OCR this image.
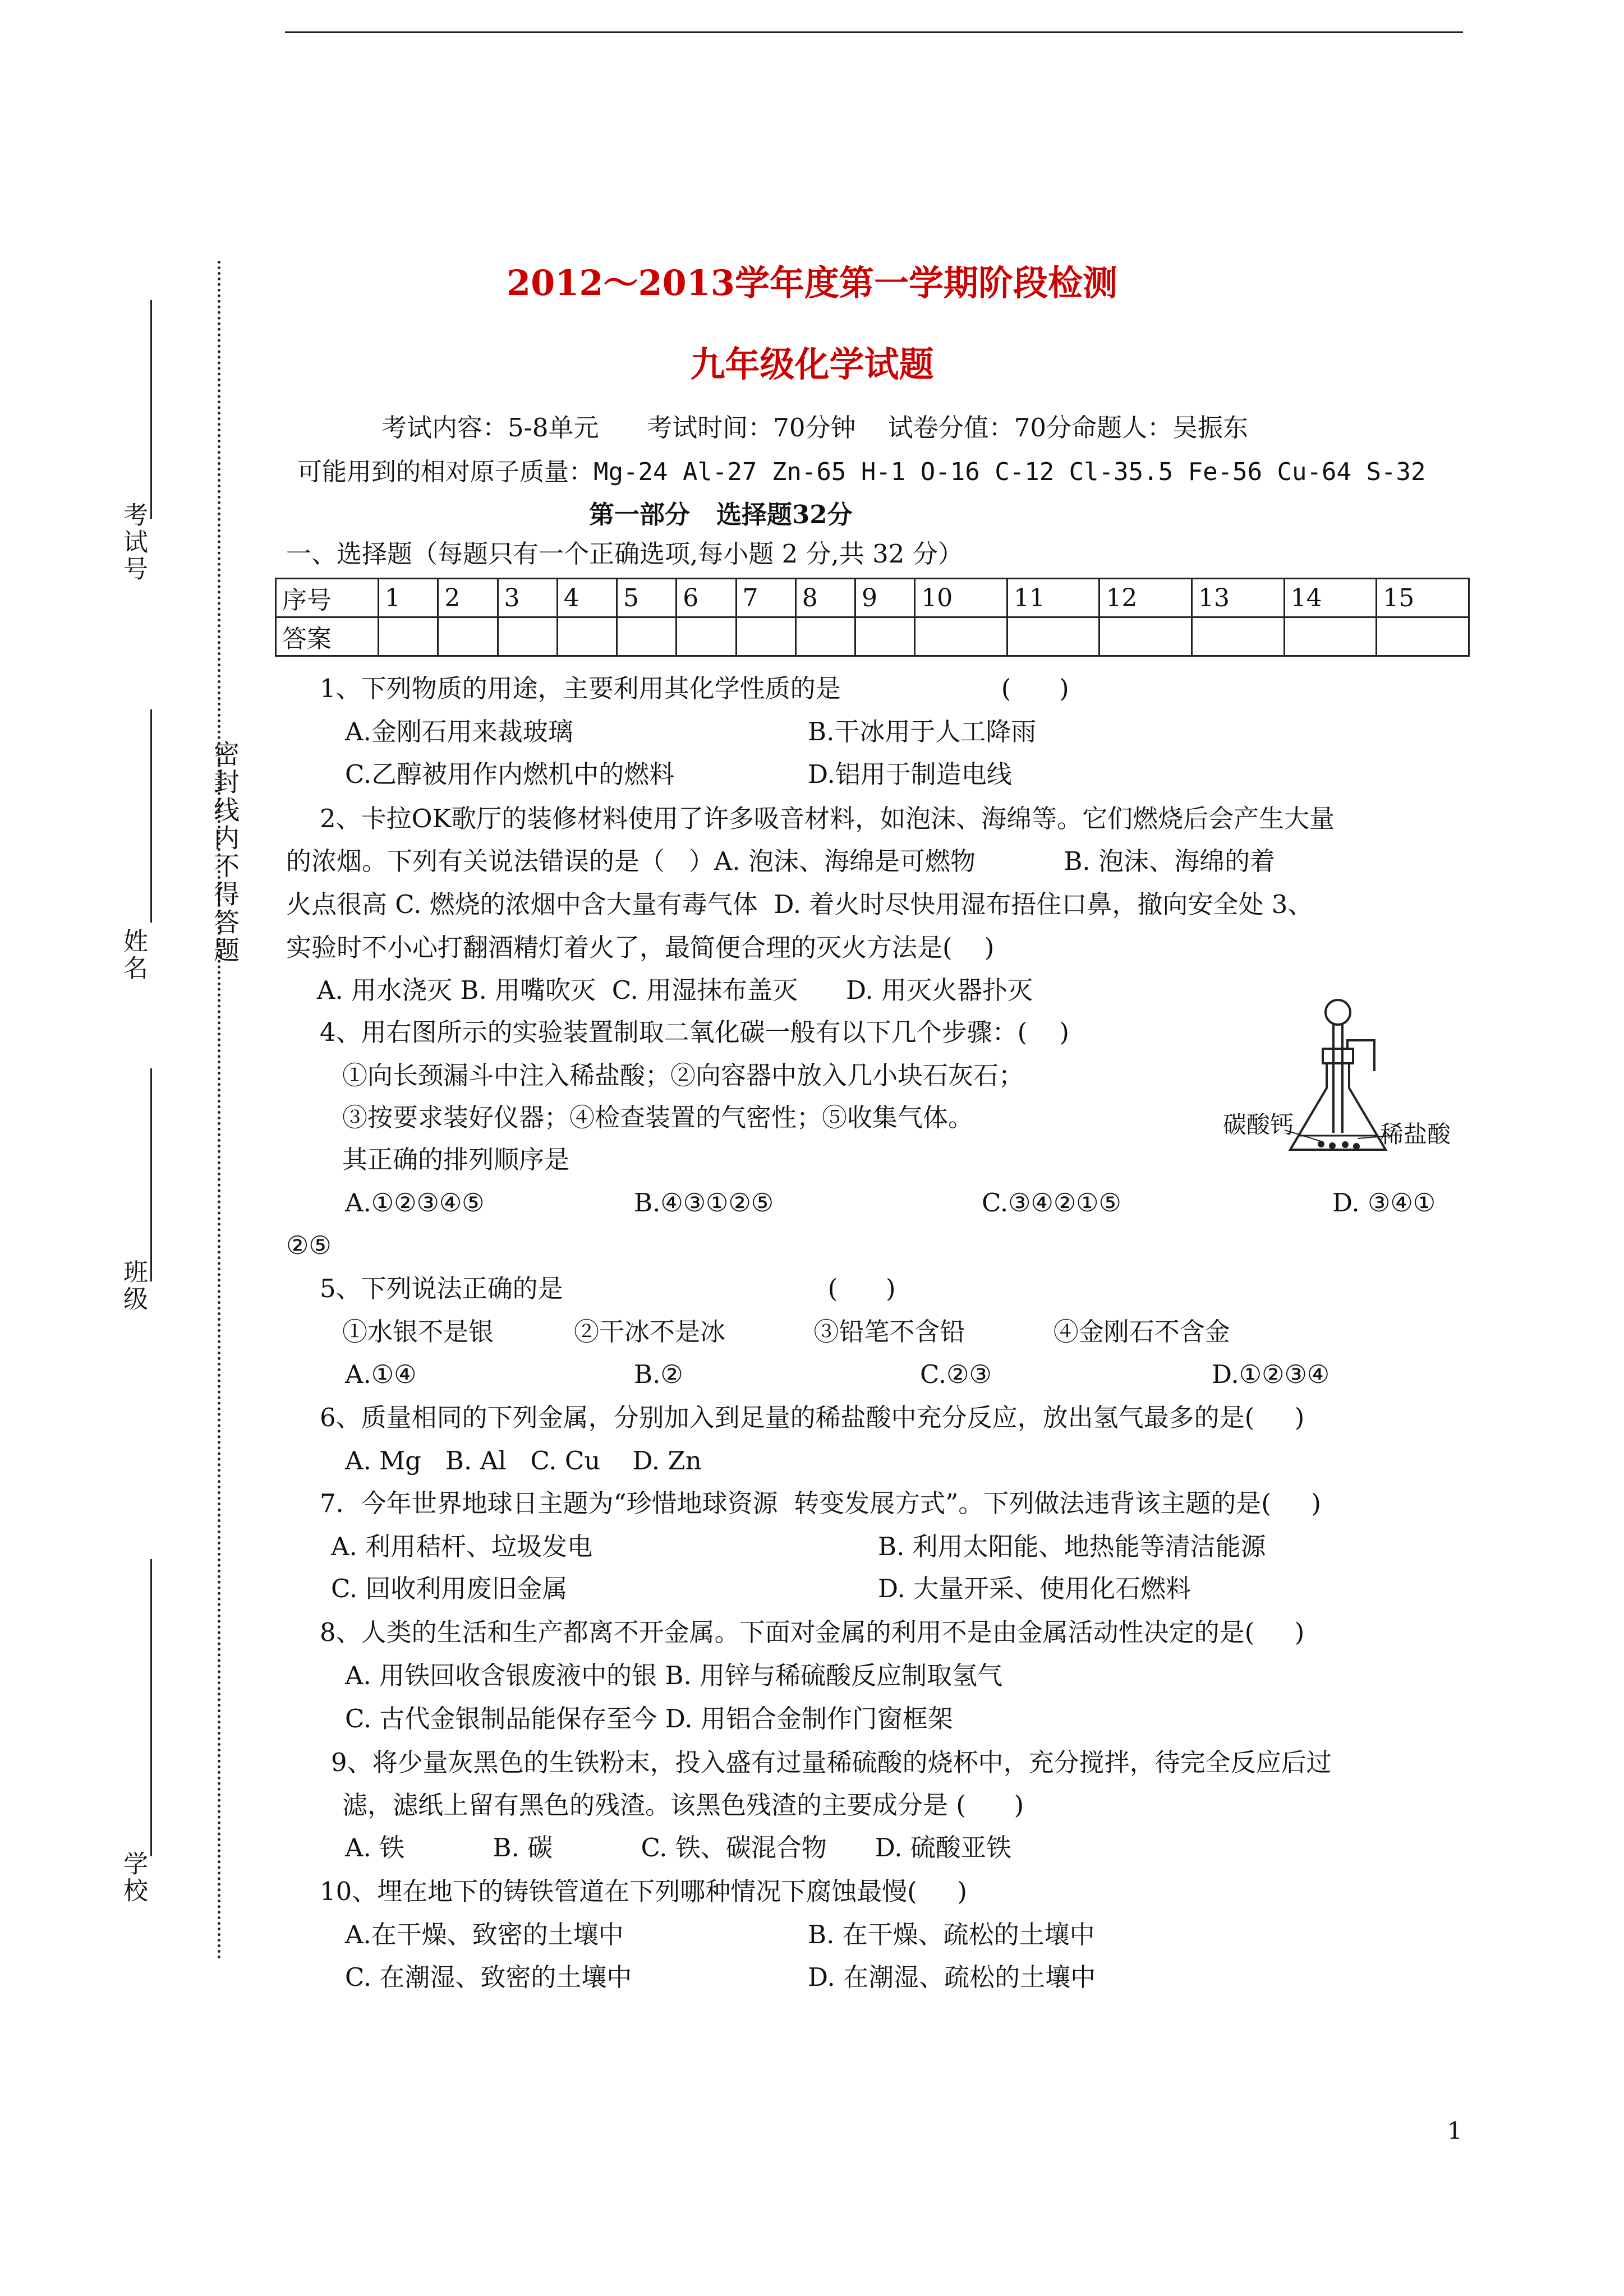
考试号
密封线内不得答题
姓名
班级
学校
2012～2013学年度第一学期阶段检测
九年级化学试题
考试内容：5-8单元      考试时间：70分钟    试卷分值：70分命题人：吴振东
可能用到的相对原子质量：Mg-24 Al-27 Zn-65 H-1 O-16 C-12 Cl-35.5 Fe-56 Cu-64 S-32
第一部分   选择题32分
一、选择题（每题只有一个正确选项,每小题 2 分,共 32 分）
序号	1	2	3	4	5	6	7	8	9	10	11	12	13	14	15
答案															
1、下列物质的用途，主要利用其化学性质的是                    (      )
A.金刚石用来裁玻璃	B.干冰用于人工降雨
C.乙醇被用作内燃机中的燃料	D.铝用于制造电线
2、卡拉OK歌厅的装修材料使用了许多吸音材料，如泡沫、海绵等。它们燃烧后会产生大量
的浓烟。下列有关说法错误的是（   ）A. 泡沫、海绵是可燃物           B. 泡沫、海绵的着
火点很高 C. 燃烧的浓烟中含大量有毒气体  D. 着火时尽快用湿布捂住口鼻，撤向安全处 3、
实验时不小心打翻酒精灯着火了，最简便合理的灭火方法是(    )
A. 用水浇灭 B. 用嘴吹灭  C. 用湿抹布盖灭      D. 用灭火器扑灭
4、用右图所示的实验装置制取二氧化碳一般有以下几个步骤：(    )
①向长颈漏斗中注入稀盐酸；②向容器中放入几小块石灰石；
③按要求装好仪器；④检查装置的气密性；⑤收集气体。
其正确的排列顺序是
A.①②③④⑤	B.④③①②⑤	C.③④②①⑤	D. ③④①
②⑤
碳酸钙	稀盐酸
5、下列说法正确的是                                 (      )
①水银不是银          ②干冰不是冰           ③铅笔不含铅           ④金刚石不含金
A.①④	B.②	C.②③	D.①②③④
6、质量相同的下列金属，分别加入到足量的稀盐酸中充分反应，放出氢气最多的是(     )
A. Mg   B. Al   C. Cu    D. Zn
7．今年世界地球日主题为“珍惜地球资源  转变发展方式”。下列做法违背该主题的是(     )
A. 利用秸杆、垃圾发电	B. 利用太阳能、地热能等清洁能源
C. 回收利用废旧金属	D. 大量开采、使用化石燃料
8、人类的生活和生产都离不开金属。下面对金属的利用不是由金属活动性决定的是(     )
A. 用铁回收含银废液中的银 B. 用锌与稀硫酸反应制取氢气
C. 古代金银制品能保存至今 D. 用铝合金制作门窗框架
9、将少量灰黑色的生铁粉末，投入盛有过量稀硫酸的烧杯中，充分搅拌，待完全反应后过
滤，滤纸上留有黑色的残渣。该黑色残渣的主要成分是 (      )
A. 铁           B. 碳           C. 铁、碳混合物      D. 硫酸亚铁
10、埋在地下的铸铁管道在下列哪种情况下腐蚀最慢(     )
A.在干燥、致密的土壤中	B. 在干燥、疏松的土壤中
C. 在潮湿、致密的土壤中	D. 在潮湿、疏松的土壤中
1
